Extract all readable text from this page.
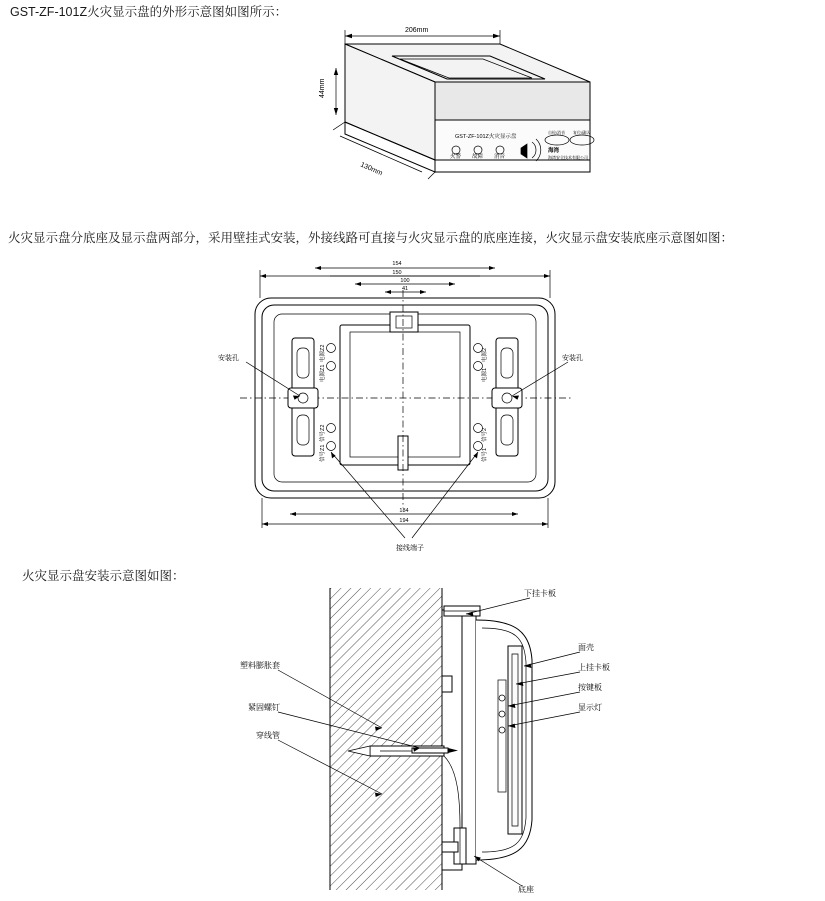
GST-ZF-101Z火灾显示盘的外形示意图如图所示：
206mm
GST-ZF-101Z火灾显示盘
火警 故障 消音
海湾
海湾安全技术有限公司
自检/消音 复位/确认
44mm
130mm
火灾显示盘分底座及显示盘两部分，采用壁挂式安装，外接线路可直接与火灾显示盘的底座连接，火灾显示盘安装底座示意图如图：
154
150
100
41
电源Z2
电源Z1
信号Z2
信号Z1
电源2
电源1
信号2
信号1
安装孔	安装孔
184
194
接线端子
火灾显示盘安装示意图如图：
塑料膨胀套
紧固螺钉
穿线管
下挂卡板
面壳
上挂卡板
按键板
显示灯
底座
